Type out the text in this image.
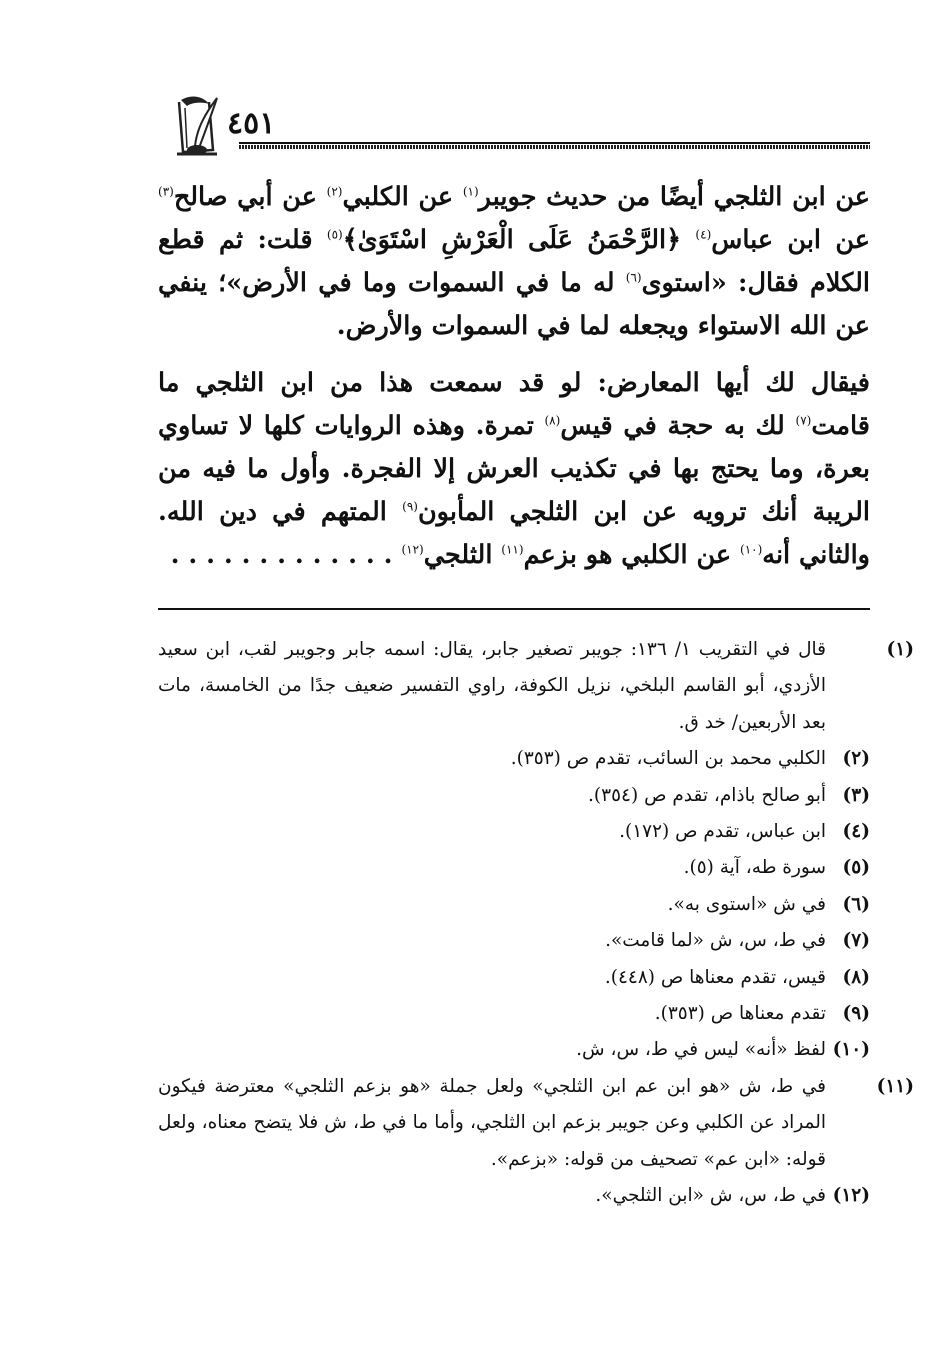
٤٥١

عن ابن الثلجي أيضًا من حديث جويبر$^{(١)}$ عن الكلبي$^{(٢)}$ عن أبي صالح$^{(٣)}$ عن ابن عباس$^{(٤)}$ ﴿الرَّحْمَنُ عَلَى الْعَرْشِ اسْتَوَىٰ﴾$^{(٥)}$ قلت: ثم قطع الكلام فقال: «استوى$^{(٦)}$ له ما في السموات وما في الأرض»؛ ينفي عن الله الاستواء ويجعله لما في السموات والأرض.

فيقال لك أيها المعارض: لو قد سمعت هذا من ابن الثلجي ما قامت$^{(٧)}$ لك به حجة في قيس$^{(٨)}$ تمرة. وهذه الروايات كلها لا تساوي بعرة، وما يحتج بها في تكذيب العرش إلا الفجرة. وأول ما فيه من الريبة أنك ترويه عن ابن الثلجي المأبون$^{(٩)}$ المتهم في دين الله. والثاني أنه$^{(١٠)}$ عن الكلبي هو بزعم$^{(١١)}$ الثلجي$^{(١٢)}$ . . . . . . . . . . . . .

(١)قال في التقريب ١/ ١٣٦: جويبر تصغير جابر، يقال: اسمه جابر وجويبر لقب، ابن سعيد الأزدي، أبو القاسم البلخي، نزيل الكوفة، راوي التفسير ضعيف جدًا من الخامسة، مات بعد الأربعين/ خد ق.
(٢)الكلبي محمد بن السائب، تقدم ص (٣٥٣).
(٣)أبو صالح باذام، تقدم ص (٣٥٤).
(٤)ابن عباس، تقدم ص (١٧٢).
(٥)سورة طه، آية (٥).
(٦)في ش «استوى به».
(٧)في ط، س، ش «لما قامت».
(٨)قيس، تقدم معناها ص (٤٤٨).
(٩)تقدم معناها ص (٣٥٣).
(١٠)لفظ «أنه» ليس في ط، س، ش.
(١١)في ط، ش «هو ابن عم ابن الثلجي» ولعل جملة «هو بزعم الثلجي» معترضة فيكون المراد عن الكلبي وعن جويبر بزعم ابن الثلجي، وأما ما في ط، ش فلا يتضح معناه، ولعل قوله: «ابن عم» تصحيف من قوله: «بزعم».
(١٢)في ط، س، ش «ابن الثلجي».
